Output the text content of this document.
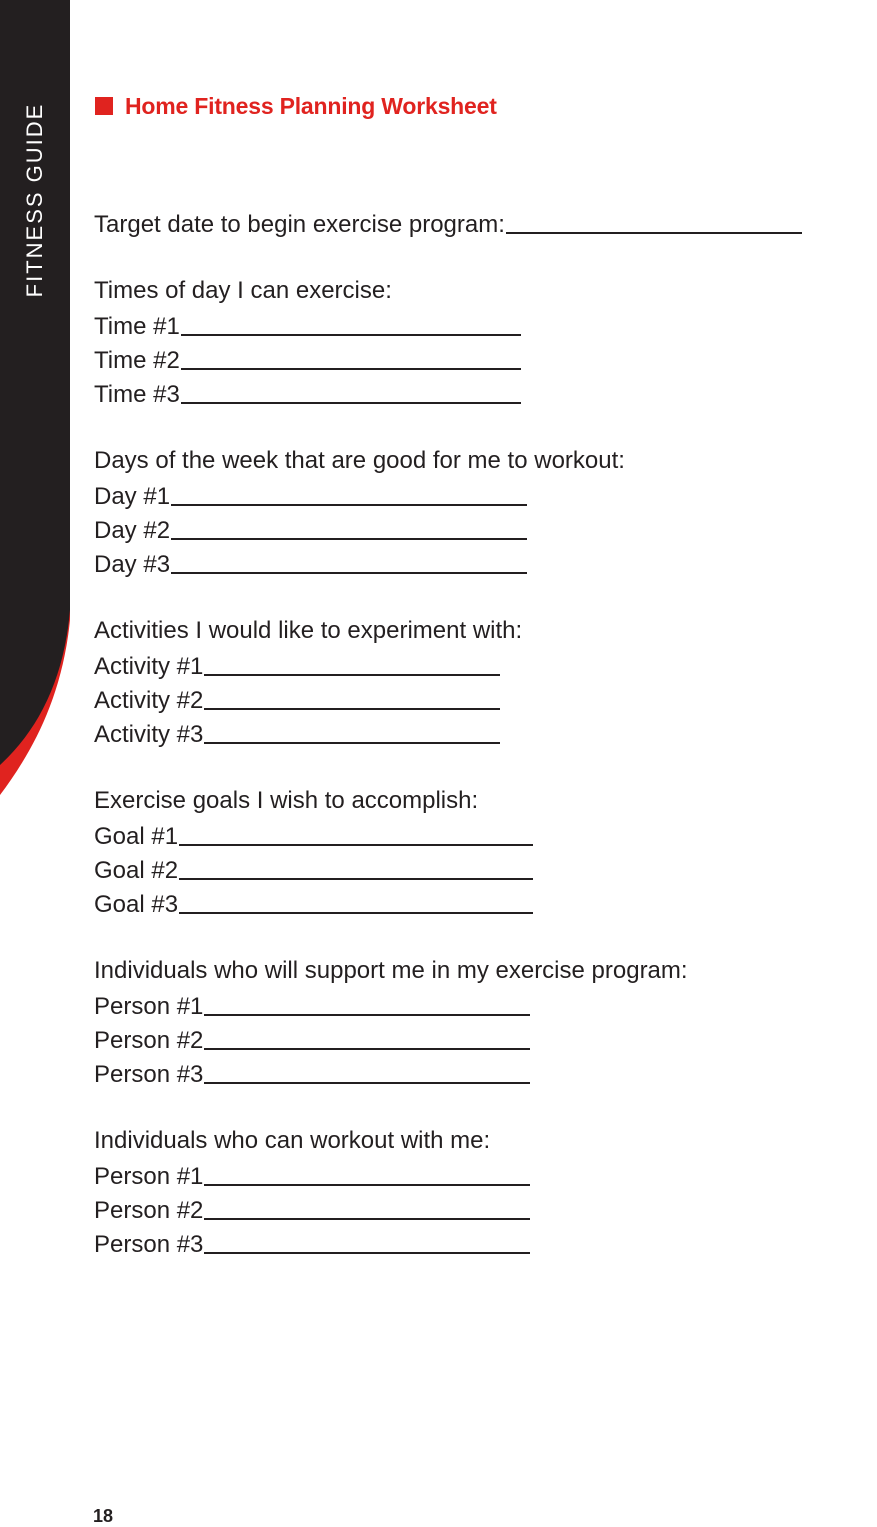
FITNESS GUIDE	Home Fitness Planning Worksheet
Target date to begin exercise program:
Times of day I can exercise:
Time #1
Time #2
Time #3
Days of the week that are good for me to workout:
Day #1
Day #2
Day #3
Activities I would like to experiment with:
Activity #1
Activity #2
Activity #3
Exercise goals I wish to accomplish:
Goal #1
Goal #2
Goal #3
Individuals who will support me in my exercise program:
Person #1
Person #2
Person #3
Individuals who can workout with me:
Person #1
Person #2
Person #3
18
